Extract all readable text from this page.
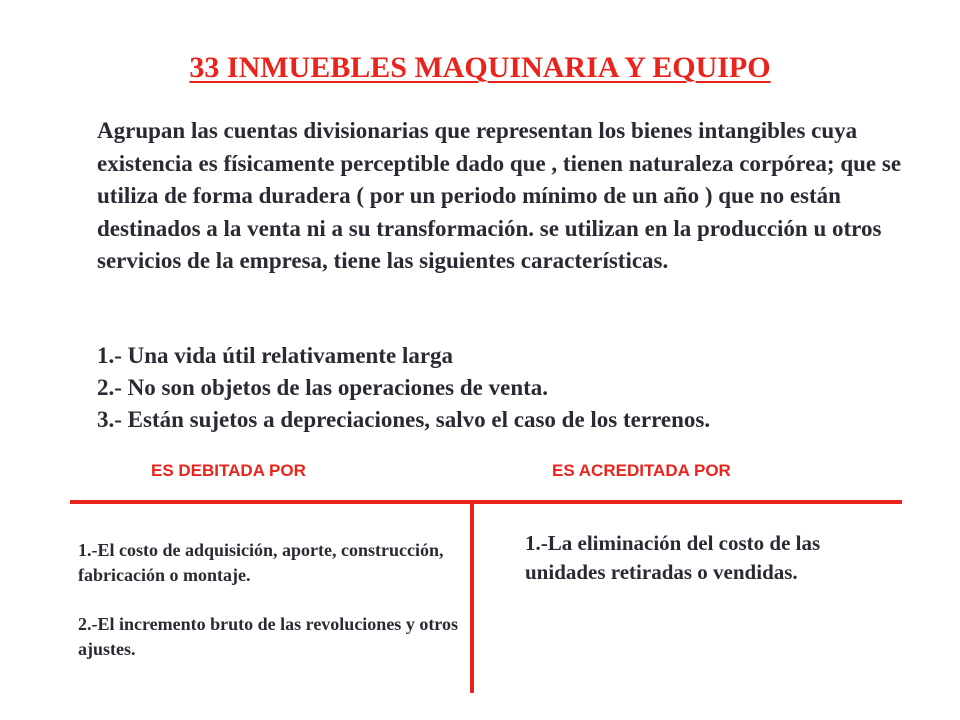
33 INMUEBLES MAQUINARIA Y EQUIPO

Agrupan las cuentas divisionarias que representan los bienes intangibles cuya existencia es físicamente perceptible dado que , tienen naturaleza corpórea; que se utiliza de forma duradera ( por un periodo mínimo de un año ) que no están destinados a la venta ni a su transformación. se utilizan en la producción u otros servicios de la empresa, tiene las siguientes características.

1.- Una vida útil relativamente larga
2.- No son objetos de las operaciones de venta.
3.- Están sujetos a depreciaciones, salvo el caso de los terrenos.
ES DEBITADA POR	ES ACREDITADA POR
1.-El costo de adquisición, aporte, construcción, fabricación o montaje.
2.-El incremento bruto de las revoluciones y otros ajustes.
1.-La eliminación del costo de las unidades retiradas o vendidas.
